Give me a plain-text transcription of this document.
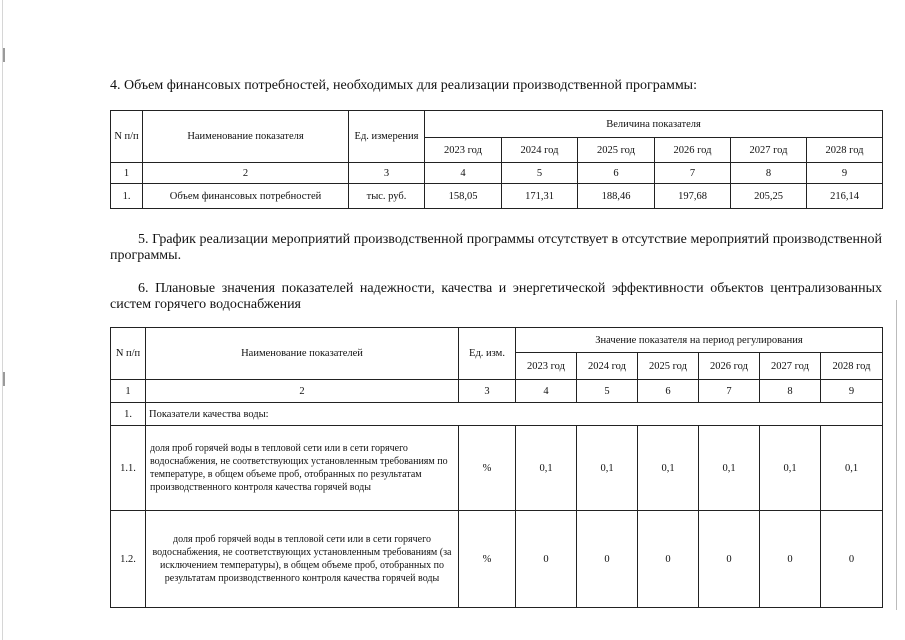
4. Объем финансовых потребностей, необходимых для реализации производственной программы:
N п/п	Наименование показателя	Ед. измерения	Величина показателя					
			2023 год	2024 год	2025 год	2026 год	2027 год	2028 год
1	2	3	4	5	6	7	8	9
1.	Объем финансовых потребностей	тыс. руб.	158,05	171,31	188,46	197,68	205,25	216,14
5. График реализации мероприятий производственной программы отсутствует в отсутствие мероприятий производственной программы.
6. Плановые значения показателей надежности, качества и энергетической эффективности объектов централизованных систем горячего водоснабжения
N п/п	Наименование показателей	Ед. изм.	Значение показателя на период регулирования					
			2023 год	2024 год	2025 год	2026 год	2027 год	2028 год
1	2	3	4	5	6	7	8	9
1.	Показатели качества воды:							
1.1.	доля проб горячей воды в тепловой сети или в сети горячего водоснабжения, не соответствующих установленным требованиям по температуре, в общем объеме проб, отобранных по результатам производственного контроля качества горячей воды	%	0,1	0,1	0,1	0,1	0,1	0,1
1.2.	доля проб горячей воды в тепловой сети или в сети горячего водоснабжения, не соответствующих установленным требованиям (за исключением температуры), в общем объеме проб, отобранных по результатам производственного контроля качества горячей воды	%	0	0	0	0	0	0
